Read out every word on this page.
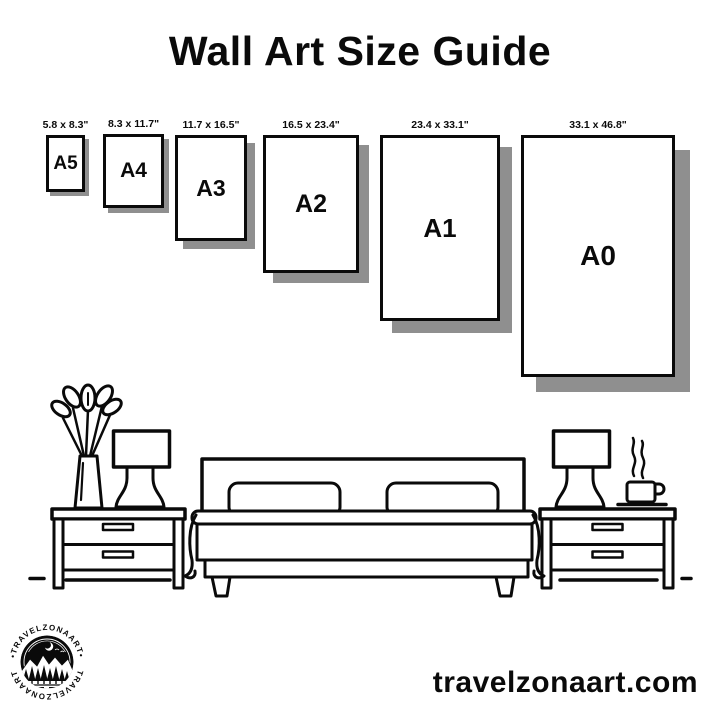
Wall Art Size Guide
5.8 x 8.3"
A5
8.3 x 11.7"
A4
11.7 x 16.5"
A3
16.5 x 23.4"
A2
23.4 x 33.1"
A1
33.1 x 46.8"
A0
•TRAVELZONAART•
TRAVELZONAART	travelzonaart.com
